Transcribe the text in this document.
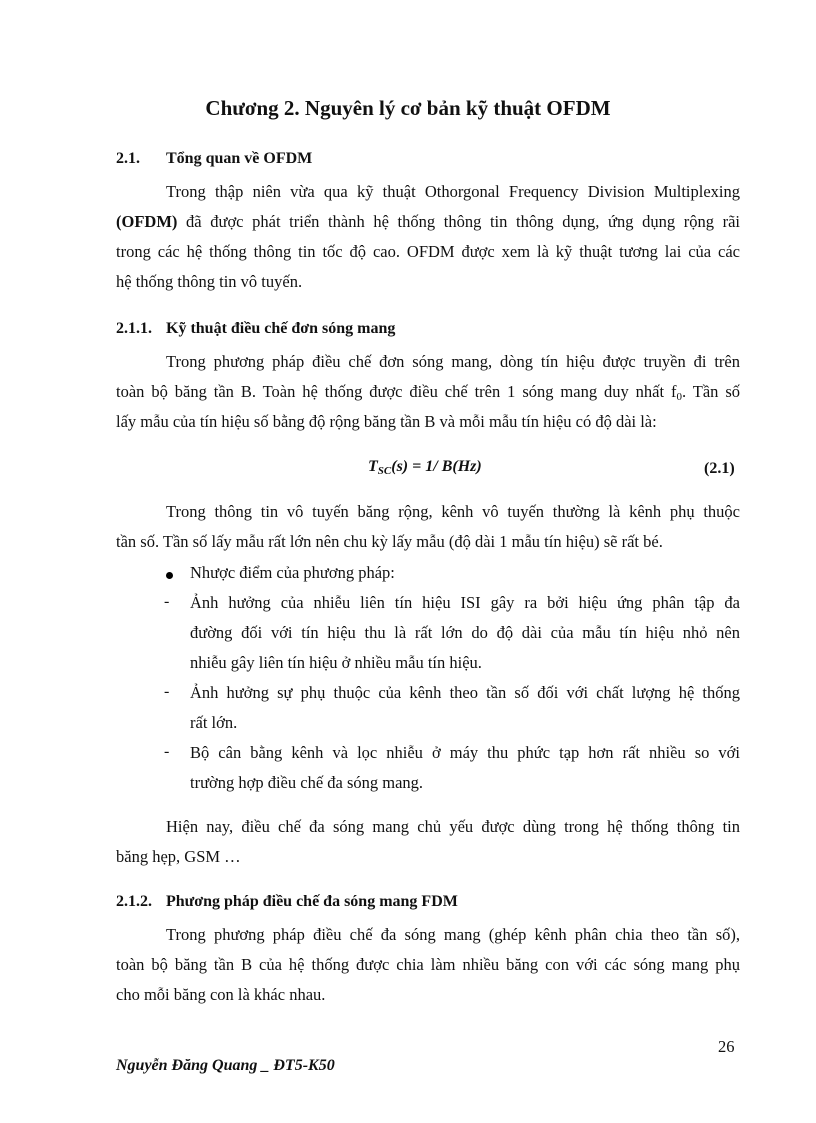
Chương 2. Nguyên lý cơ bản kỹ thuật OFDM
2.1. Tổng quan về OFDM
Trong thập niên vừa qua kỹ thuật Othorgonal Frequency Division Multiplexing
(OFDM) đã được phát triển thành hệ thống thông tin thông dụng, ứng dụng rộng rãi
trong các hệ thống thông tin tốc độ cao. OFDM được xem là kỹ thuật tương lai của các
hệ thống thông tin vô tuyến.
2.1.1. Kỹ thuật điều chế đơn sóng mang
Trong phương pháp điều chế đơn sóng mang, dòng tín hiệu được truyền đi trên
toàn bộ băng tần B. Toàn hệ thống được điều chế trên 1 sóng mang duy nhất $f_0$. Tần số
lấy mẫu của tín hiệu số bằng độ rộng băng tần B và mỗi mẫu tín hiệu có độ dài là:
$T_{SC}(s) = 1/$ B(Hz)	(2.1)
Trong thông tin vô tuyến băng rộng, kênh vô tuyến thường là kênh phụ thuộc
tần số. Tần số lấy mẫu rất lớn nên chu kỳ lấy mẫu (độ dài 1 mẫu tín hiệu) sẽ rất bé.
Nhược điểm của phương pháp:
- Ảnh hưởng của nhiễu liên tín hiệu ISI gây ra bởi hiệu ứng phân tập đa
đường đối với tín hiệu thu là rất lớn do độ dài của mẫu tín hiệu nhỏ nên
nhiễu gây liên tín hiệu ở nhiều mẫu tín hiệu.
- Ảnh hưởng sự phụ thuộc của kênh theo tần số đối với chất lượng hệ thống
rất lớn.
- Bộ cân bằng kênh và lọc nhiễu ở máy thu phức tạp hơn rất nhiều so với
trường hợp điều chế đa sóng mang.
Hiện nay, điều chế đa sóng mang chủ yếu được dùng trong hệ thống thông tin
băng hẹp, GSM …
2.1.2. Phương pháp điều chế đa sóng mang FDM
Trong phương pháp điều chế đa sóng mang (ghép kênh phân chia theo tần số),
toàn bộ băng tần B của hệ thống được chia làm nhiều băng con với các sóng mang phụ
cho mỗi băng con là khác nhau.
26
Nguyễn Đăng Quang _ ĐT5-K50
